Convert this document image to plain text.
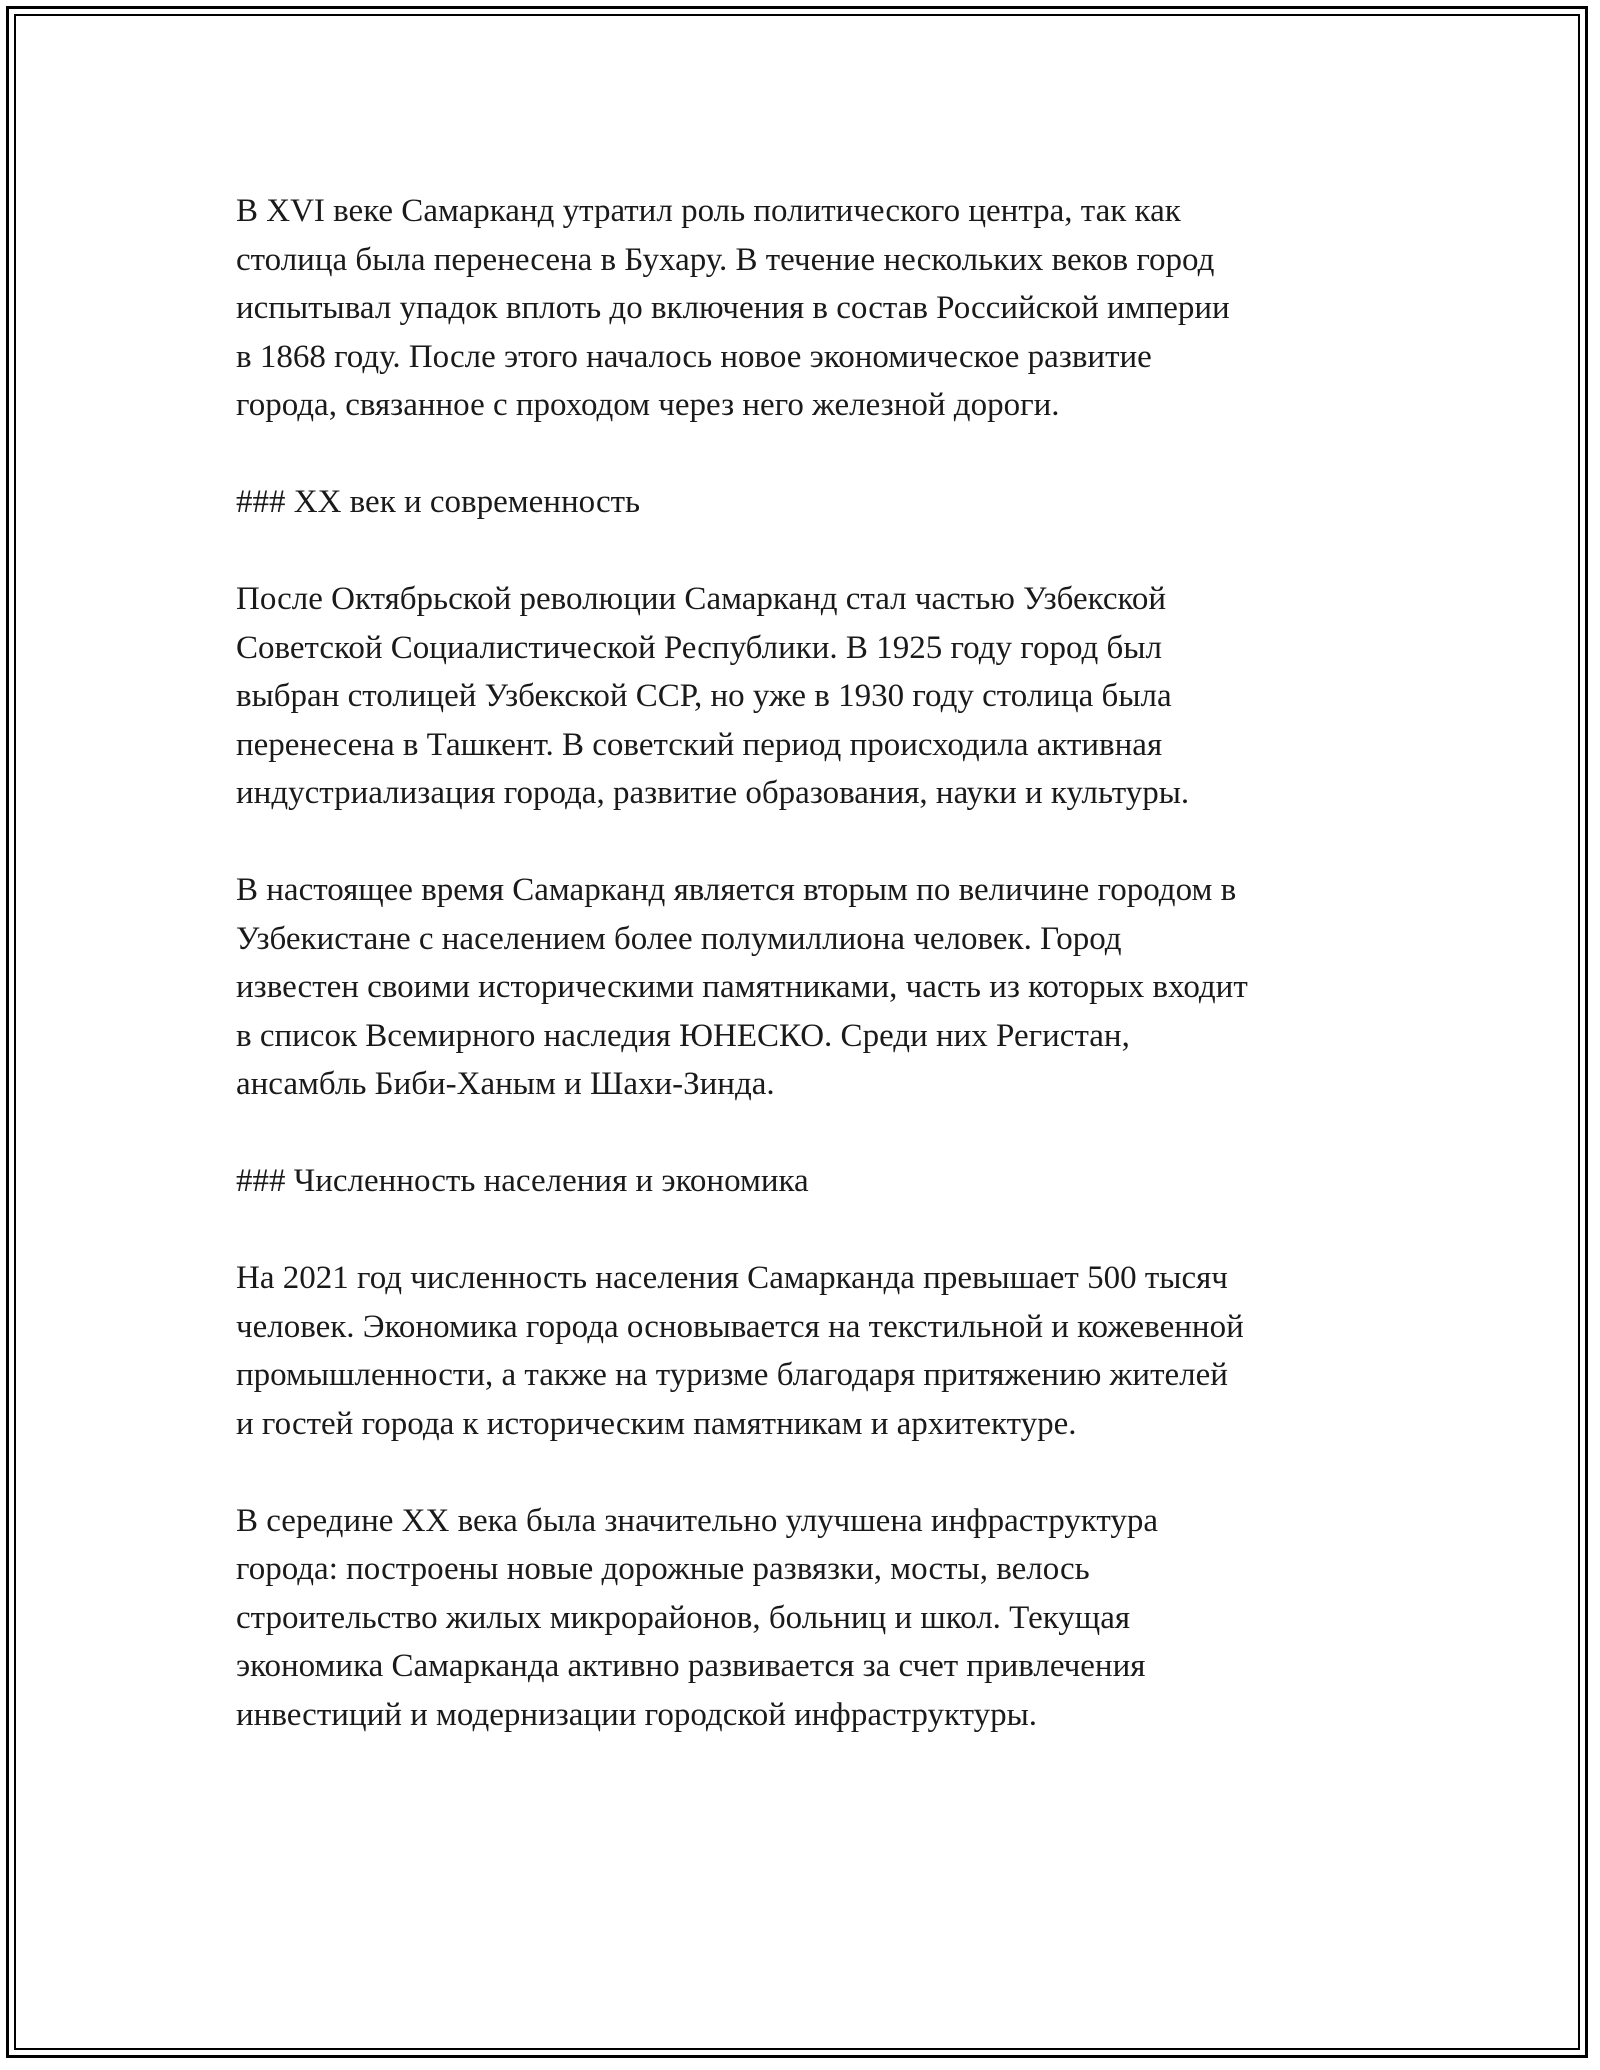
В XVI веке Самарканд утратил роль политического центра, так как
столица была перенесена в Бухару. В течение нескольких веков город
испытывал упадок вплоть до включения в состав Российской империи
в 1868 году. После этого началось новое экономическое развитие
города, связанное с проходом через него железной дороги.

### XX век и современность

После Октябрьской революции Самарканд стал частью Узбекской
Советской Социалистической Республики. В 1925 году город был
выбран столицей Узбекской ССР, но уже в 1930 году столица была
перенесена в Ташкент. В советский период происходила активная
индустриализация города, развитие образования, науки и культуры.

В настоящее время Самарканд является вторым по величине городом в
Узбекистане с населением более полумиллиона человек. Город
известен своими историческими памятниками, часть из которых входит
в список Всемирного наследия ЮНЕСКО. Среди них Регистан,
ансамбль Биби-Ханым и Шахи-Зинда.

### Численность населения и экономика

На 2021 год численность населения Самарканда превышает 500 тысяч
человек. Экономика города основывается на текстильной и кожевенной
промышленности, а также на туризме благодаря притяжению жителей
и гостей города к историческим памятникам и архитектуре.

В середине XX века была значительно улучшена инфраструктура
города: построены новые дорожные развязки, мосты, велось
строительство жилых микрорайонов, больниц и школ. Текущая
экономика Самарканда активно развивается за счет привлечения
инвестиций и модернизации городской инфраструктуры.
